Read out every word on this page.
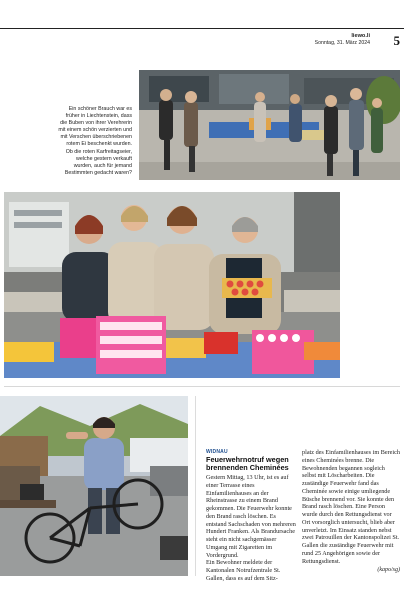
liewo.li
Sonntag, 31. März 2024 5
Ein schöner Brauch war es früher in Liechtenstein, dass die Buben von ihrer Verehrerin mit einem schön verzierten und mit Verschen überschriebenen rotem Ei beschenkt wurden. Ob die roten Karfreitagseier, welche gestern verkauft wurden, auch für jemand Bestimmten gedacht waren?
WIDNAU
Feuerwehrnotruf wegen brennenden Cheminées
Gestern Mittag, 13 Uhr, ist es auf einer Terrasse eines Einfamilienhauses an der Rheinstrasse zu einem Brand gekommen. Die Feuerwehr konnte den Brand rasch löschen. Es entstand Sachschaden von mehreren Hundert Franken. Als Brandursache steht ein nicht sachgemässer Umgang mit Zigaretten im Vordergrund.
Ein Bewohner meldete der Kantonalen Notrufzentrale St. Gallen, dass es auf dem Sitz-
platz des Einfamilienhauses im Bereich eines Cheminées brenne. Die Bewohnenden begannen sogleich selbst mit Löscharbeiten. Die zuständige Feuerwehr fand das Cheminée sowie einige umliegende Büsche brennend vor. Sie konnte den Brand rasch löschen. Eine Person wurde durch den Rettungsdienst vor Ort vorsorglich untersucht, blieb aber unverletzt. Im Einsatz standen nebst zwei Patrouillen der Kantonspolizei St. Gallen die zuständige Feuerwehr mit rund 25 Angehörigen sowie der Rettungsdienst.
(kapo/sg)
